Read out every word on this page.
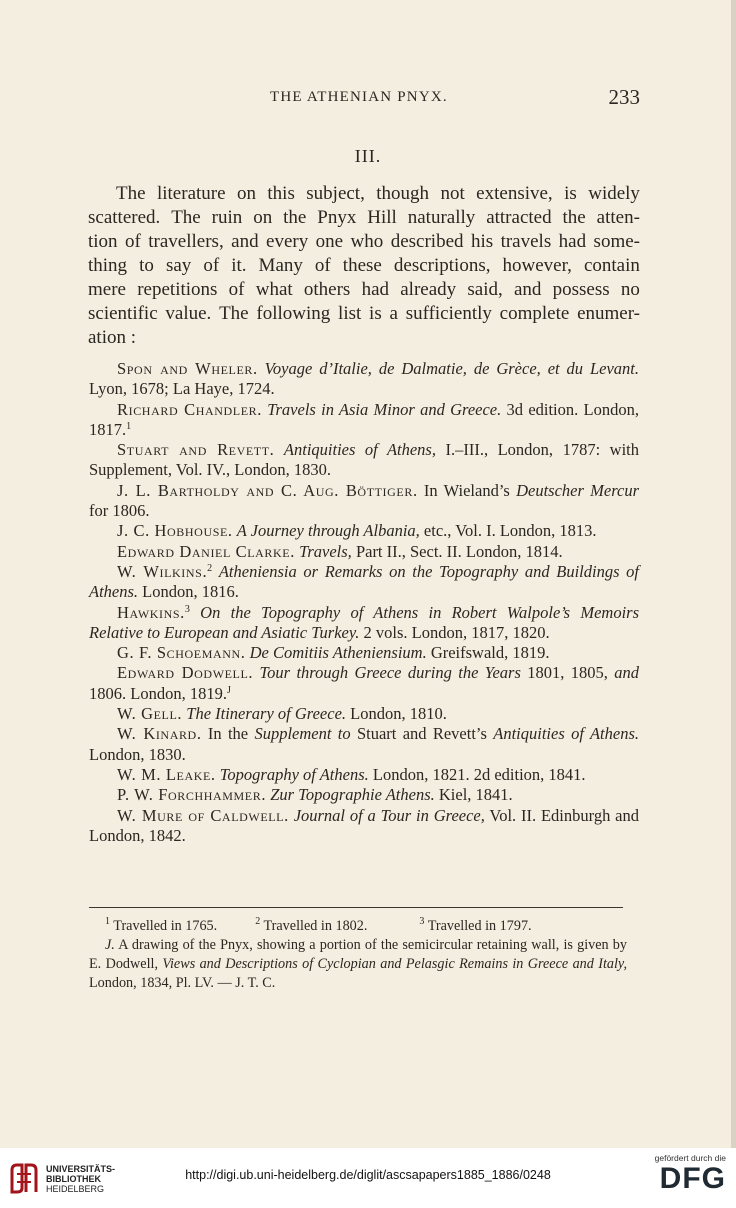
THE ATHENIAN PNYX.	233
III.
The literature on this subject, though not extensive, is widely
scattered. The ruin on the Pnyx Hill naturally attracted the atten-
tion of travellers, and every one who described his travels had some-
thing to say of it. Many of these descriptions, however, contain
mere repetitions of what others had already said, and possess no
scientific value. The following list is a sufficiently complete enumer-
ation :

Spon and Wheler. Voyage d’Italie, de Dalmatie, de Grèce, et du Levant. Lyon, 1678; La Haye, 1724.

Richard Chandler. Travels in Asia Minor and Greece. 3d edition. London, 1817.$^1$

Stuart and Revett. Antiquities of Athens, I.–III., London, 1787: with Supplement, Vol. IV., London, 1830.

J. L. Bartholdy and C. Aug. Böttiger. In Wieland’s Deutscher Mercur for 1806.

J. C. Hobhouse. A Journey through Albania, etc., Vol. I. London, 1813.

Edward Daniel Clarke. Travels, Part II., Sect. II. London, 1814.

W. Wilkins.$^2$ Atheniensia or Remarks on the Topography and Buildings of Athens. London, 1816.

Hawkins.$^3$ On the Topography of Athens in Robert Walpole’s Memoirs Relative to European and Asiatic Turkey. 2 vols. London, 1817, 1820.

G. F. Schoemann. De Comitiis Atheniensium. Greifswald, 1819.

Edward Dodwell. Tour through Greece during the Years 1801, 1805, and 1806. London, 1819.$^J$

W. Gell. The Itinerary of Greece. London, 1810.

W. Kinard. In the Supplement to Stuart and Revett’s Antiquities of Athens. London, 1830.

W. M. Leake. Topography of Athens. London, 1821. 2d edition, 1841.

P. W. Forchhammer. Zur Topographie Athens. Kiel, 1841.

W. Mure of Caldwell. Journal of a Tour in Greece, Vol. II. Edinburgh and London, 1842.

$^1$ Travelled in 1765.	$^2$ Travelled in 1802.	$^3$ Travelled in 1797.

J. A drawing of the Pnyx, showing a portion of the semicircular retaining wall, is given by E. Dodwell, Views and Descriptions of Cyclopian and Pelasgic Remains in Greece and Italy, London, 1834, Pl. LV. — J. T. C.

UNIVERSITÄTS-
BIBLIOTHEK
HEIDELBERG
http://digi.ub.uni-heidelberg.de/diglit/ascsapapers1885_1886/0248
gefördert durch die
DFG
